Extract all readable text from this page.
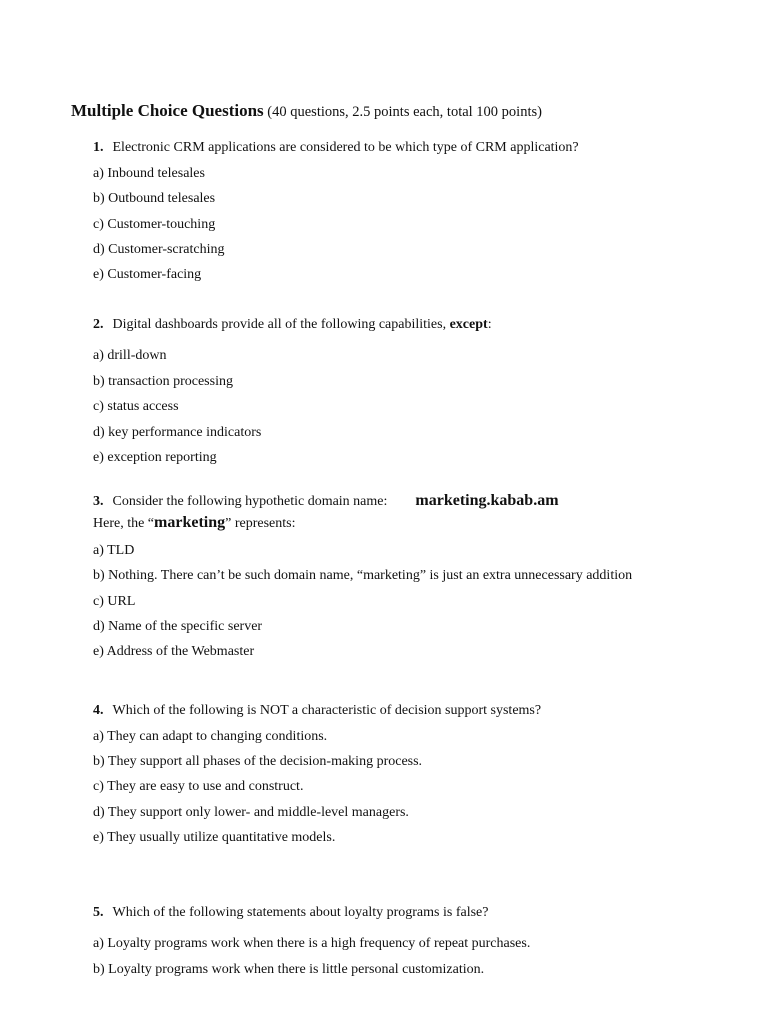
Multiple Choice Questions (40 questions, 2.5 points each, total 100 points)
1. Electronic CRM applications are considered to be which type of CRM application?
a) Inbound telesales
b) Outbound telesales
c) Customer-touching
d) Customer-scratching
e) Customer-facing
2. Digital dashboards provide all of the following capabilities, except:
a) drill-down
b) transaction processing
c) status access
d) key performance indicators
e) exception reporting
3. Consider the following hypothetic domain name: marketing.kabab.am
Here, the “marketing” represents:
a) TLD
b) Nothing. There can’t be such domain name, “marketing” is just an extra unnecessary addition
c) URL
d) Name of the specific server
e) Address of the Webmaster
4. Which of the following is NOT a characteristic of decision support systems?
a) They can adapt to changing conditions.
b) They support all phases of the decision-making process.
c) They are easy to use and construct.
d) They support only lower- and middle-level managers.
e) They usually utilize quantitative models.
5. Which of the following statements about loyalty programs is false?
a) Loyalty programs work when there is a high frequency of repeat purchases.
b) Loyalty programs work when there is little personal customization.
